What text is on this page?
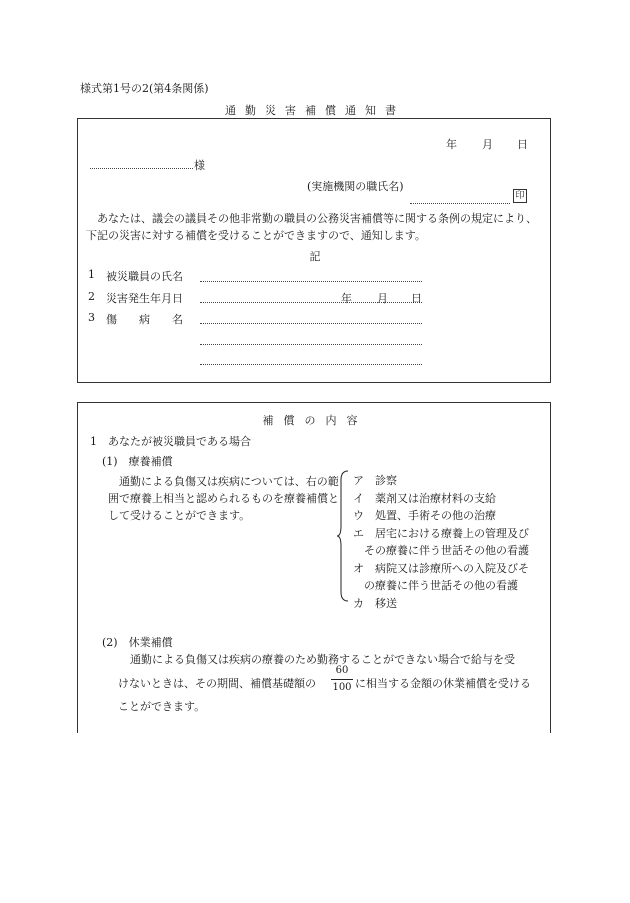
様式第1号の2(第4条関係)
通勤災害補償通知書
年 月 日
様
(実施機関の職氏名)
印
あなたは、議会の議員その他非常勤の職員の公務災害補償等に関する条例の規定により、下記の災害に対する補償を受けることができますので、通知します。
記
1 被災職員の氏名
2 災害発生年月日	年 月 日
3 傷　　病　　名
補償の内容
1　あなたが被災職員である場合
(1)　療養補償
通勤による負傷又は疾病については、右の範囲で療養上相当と認められるものを療養補償として受けることができます。
ア　診察
イ　薬剤又は治療材料の支給
ウ　処置、手術その他の治療
エ　居宅における療養上の管理及び
その療養に伴う世話その他の看護
オ　病院又は診療所への入院及びそ
の療養に伴う世話その他の看護
カ　移送
(2)　休業補償
通勤による負傷又は疾病の療養のため勤務することができない場合で給与を受
けないときは、その期間、補償基礎額の
60
100 に相当する金額の休業補償を受ける
ことができます。
